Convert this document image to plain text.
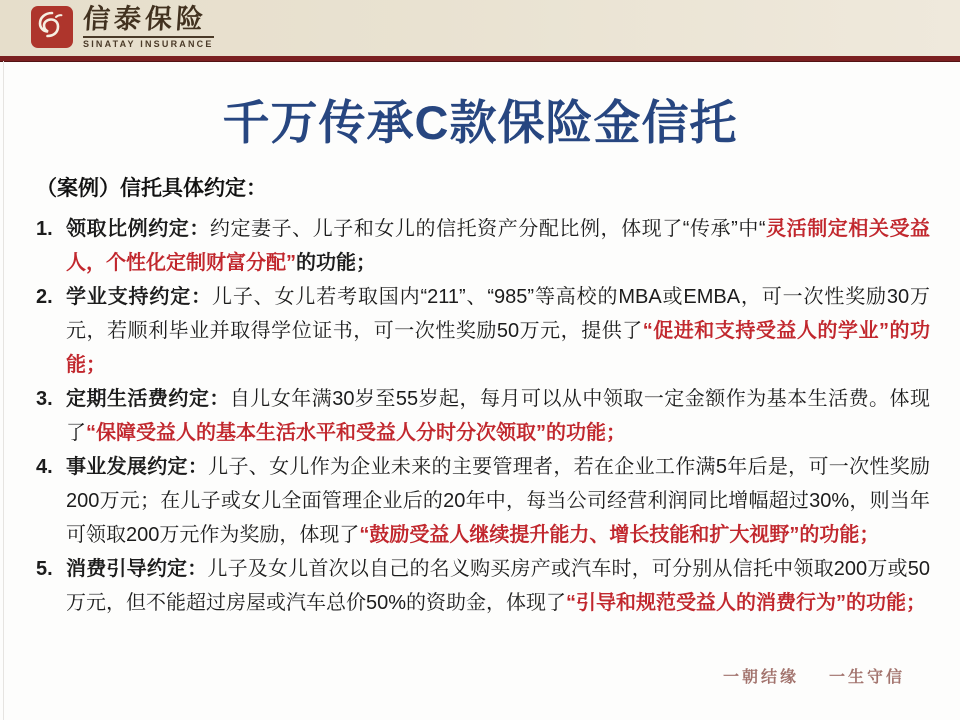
信泰保险
SINATAY INSURANCE
千万传承C款保险金信托

（案例）信托具体约定：

1. 领取比例约定：约定妻子、儿子和女儿的信托资产分配比例，体现了“传承”中“灵活制定相关受益人，个性化定制财富分配”的功能；
2. 学业支持约定：儿子、女儿若考取国内“211”、“985”等高校的MBA或EMBA，可一次性奖励30万元，若顺利毕业并取得学位证书，可一次性奖励50万元，提供了“促进和支持受益人的学业”的功能；
3. 定期生活费约定：自儿女年满30岁至55岁起，每月可以从中领取一定金额作为基本生活费。体现了“保障受益人的基本生活水平和受益人分时分次领取”的功能；
4. 事业发展约定：儿子、女儿作为企业未来的主要管理者，若在企业工作满5年后是，可一次性奖励200万元；在儿子或女儿全面管理企业后的20年中，每当公司经营利润同比增幅超过30%，则当年可领取200万元作为奖励，体现了“鼓励受益人继续提升能力、增长技能和扩大视野”的功能；
5. 消费引导约定：儿子及女儿首次以自己的名义购买房产或汽车时，可分别从信托中领取200万或50万元，但不能超过房屋或汽车总价50%的资助金，体现了“引导和规范受益人的消费行为”的功能；
一朝结缘 一生守信
